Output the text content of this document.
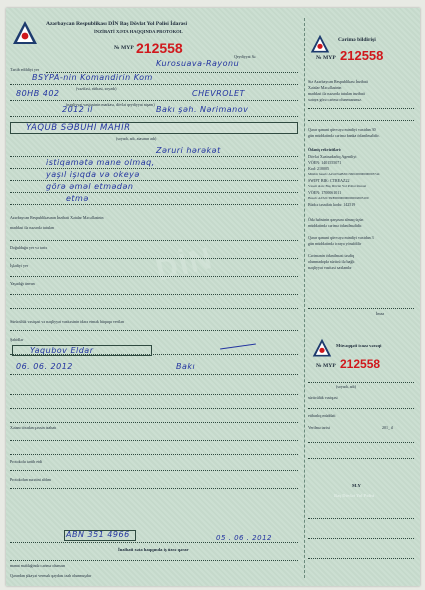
Azərbaycan Respublikası DİN Baş Dövlət Yol Polisi İdarəsi
İNZİBATİ XƏTA HAQQINDA PROTOKOL
№ MYP 212558
Qeydiyyat №
Tərtib edildiyi yer
Kurosuava-Rayonu
BSYPA-nin Komandirin Kom
(vəzifəsi, rütbəsi, soyadı)
80HB 402	CHEVROLET
(nəqliyyat vasitəsinin markası, dövlət qeydiyyat nişanı)
2012 il	Bakı şəh. Nərimanov
YAQUB SƏBUHİ MAHİR
(soyadı, adı, atasının adı)
Zəruri hərəkət
istiqamətə mane olmaq,
yaşıl işıqda və okeyə
görə əməl etmədən
etmə
Azərbaycan Respublikasının İnzibati Xətalar Məcəlləsinin
maddəsi ilə nəzərdə tutulan
DİN
Doğulduğu yer və tarix
İşlədiyi yer
Yaşadığı ünvan
Sürücülük vəsiqəsi və nəqliyyat vasitəsinin idarə etmək hüququ verilən
Şahidlər
Yaqubov Eldar
06. 06. 2012	Bakı
Xətanı törədən şəxsin izahatı
Protokolu tərtib etdi
Protokolun surətini aldım
ABN 351 4966	05 . 06 . 2012
İnzibati xəta haqqında iş üzrə qərar
manat məbləğində cərimə olunsun
Qərardan şikayət vermək qaydası izah olunmuşdur
Cərimə bildirişi
№ MYP 212558
Siz Azərbaycan Respublikası İnzibati
Xətalar Məcəlləsinin
maddəsi ilə nəzərdə tutulan inzibati
xətaya görə cərimə olunmusunuz.
Qərar qanuni qüvvəyə mindiyi vaxtdan 30
gün müddətində cərimə banka ödənilməlidir.
Ödəniş rekvizitləri:
Dövlət Xəzinədarlıq Agentliyi
VÖEN: 1401555071
Kod: 210005
Müxbir hesab: AZ41NABZ01360100000000003744
SWIFT BIK: CTREAZ22
Vəsait alan: Baş Dövlət Yol Polisi İdarəsi
VÖEN: 1700061011
Hesab: AZ52CTRE00000000000002005100
Büdcə təsnifatı kodu: 142519
Ödə həbsinin qarşısını almaq üçün
müddətində cərimə ödənilməlidir.
Qərar qanuni qüvvəyə mindiyi vaxtdan 3
gün müddətində icraya yönəldilir
Cərimənin ödənilməsi təsdiq
olunmadıqda sürücü ilə bağlı
nəqliyyat vasitəsi saxlanılır
İmza
Müvəqqəti icazə vərəqi
№ MYP 212558
(soyadı, adı)
sürücülük vəsiqəsi
etibarlıq müddəti
Verilmə tarixi	201_ il
M.Y
Baş Dövlət Yol Polisi
